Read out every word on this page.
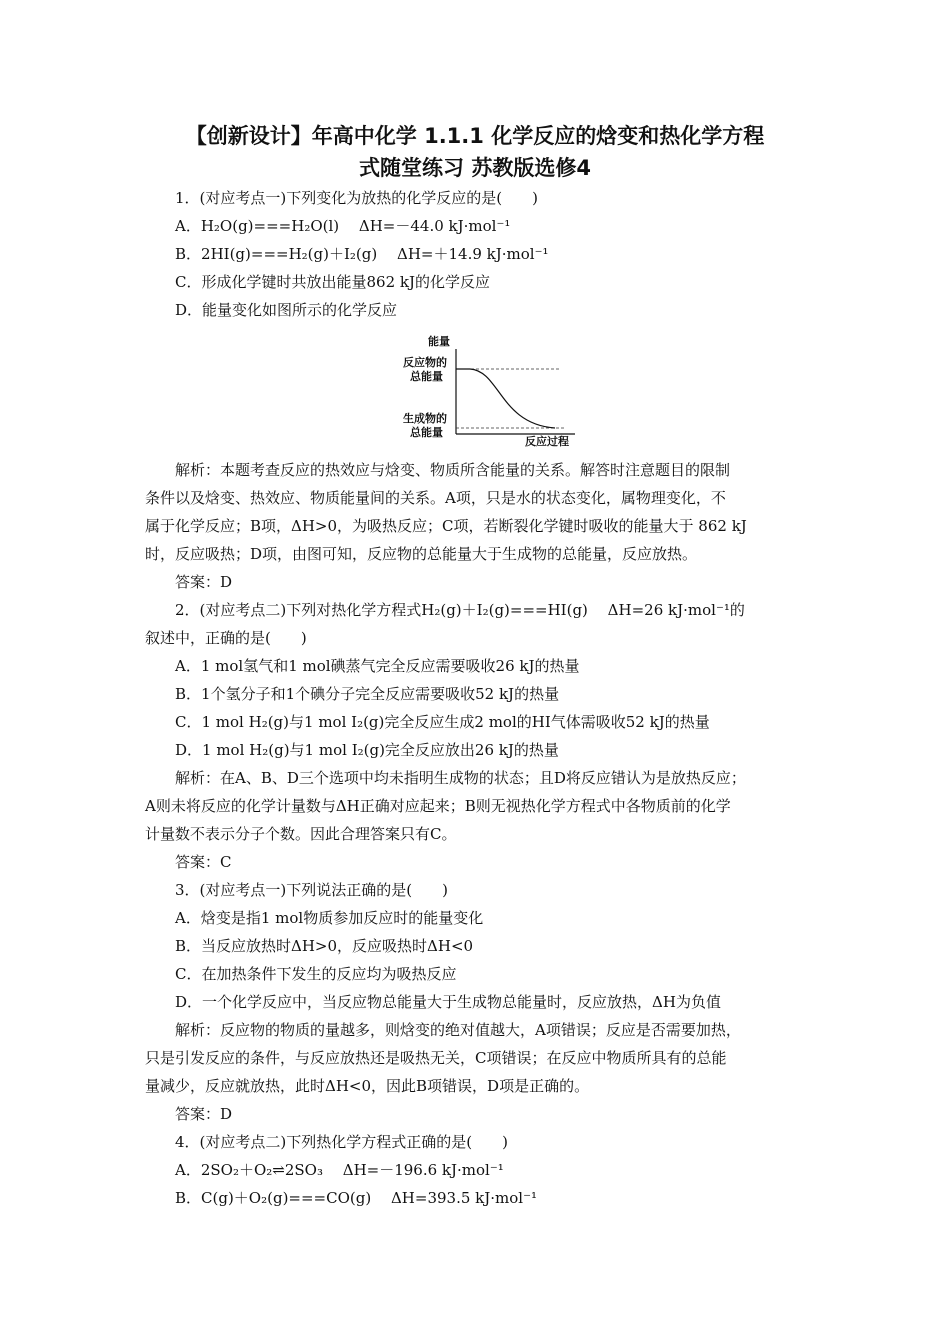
【创新设计】年高中化学 1.1.1 化学反应的焓变和热化学方程
式随堂练习 苏教版选修4
1．(对应考点一)下列变化为放热的化学反应的是(　　)
A．H₂O(g)===H₂O(l)　 ΔH=－44.0 kJ·mol⁻¹
B．2HI(g)===H₂(g)＋I₂(g)　 ΔH=＋14.9 kJ·mol⁻¹
C．形成化学键时共放出能量862 kJ的化学反应
D．能量变化如图所示的化学反应
能量
反应物的
总能量
生成物的
总能量
反应过程
解析：本题考查反应的热效应与焓变、物质所含能量的关系。解答时注意题目的限制
条件以及焓变、热效应、物质能量间的关系。A项，只是水的状态变化，属物理变化，不
属于化学反应；B项，ΔH>0，为吸热反应；C项，若断裂化学键时吸收的能量大于 862 kJ
时，反应吸热；D项，由图可知，反应物的总能量大于生成物的总能量，反应放热。
答案：D
2．(对应考点二)下列对热化学方程式H₂(g)＋I₂(g)===HI(g)　 ΔH=26 kJ·mol⁻¹的
叙述中，正确的是(　　)
A．1 mol氢气和1 mol碘蒸气完全反应需要吸收26 kJ的热量
B．1个氢分子和1个碘分子完全反应需要吸收52 kJ的热量
C．1 mol H₂(g)与1 mol I₂(g)完全反应生成2 mol的HI气体需吸收52 kJ的热量
D．1 mol H₂(g)与1 mol I₂(g)完全反应放出26 kJ的热量
解析：在A、B、D三个选项中均未指明生成物的状态；且D将反应错认为是放热反应；
A则未将反应的化学计量数与ΔH正确对应起来；B则无视热化学方程式中各物质前的化学
计量数不表示分子个数。因此合理答案只有C。
答案：C
3．(对应考点一)下列说法正确的是(　　)
A．焓变是指1 mol物质参加反应时的能量变化
B．当反应放热时ΔH>0，反应吸热时ΔH<0
C．在加热条件下发生的反应均为吸热反应
D．一个化学反应中，当反应物总能量大于生成物总能量时，反应放热，ΔH为负值
解析：反应物的物质的量越多，则焓变的绝对值越大，A项错误；反应是否需要加热，
只是引发反应的条件，与反应放热还是吸热无关，C项错误；在反应中物质所具有的总能
量减少，反应就放热，此时ΔH<0，因此B项错误，D项是正确的。
答案：D
4．(对应考点二)下列热化学方程式正确的是(　　)
A．2SO₂＋O₂⇌2SO₃　 ΔH=－196.6 kJ·mol⁻¹
B．C(g)＋O₂(g)===CO(g)　 ΔH=393.5 kJ·mol⁻¹
